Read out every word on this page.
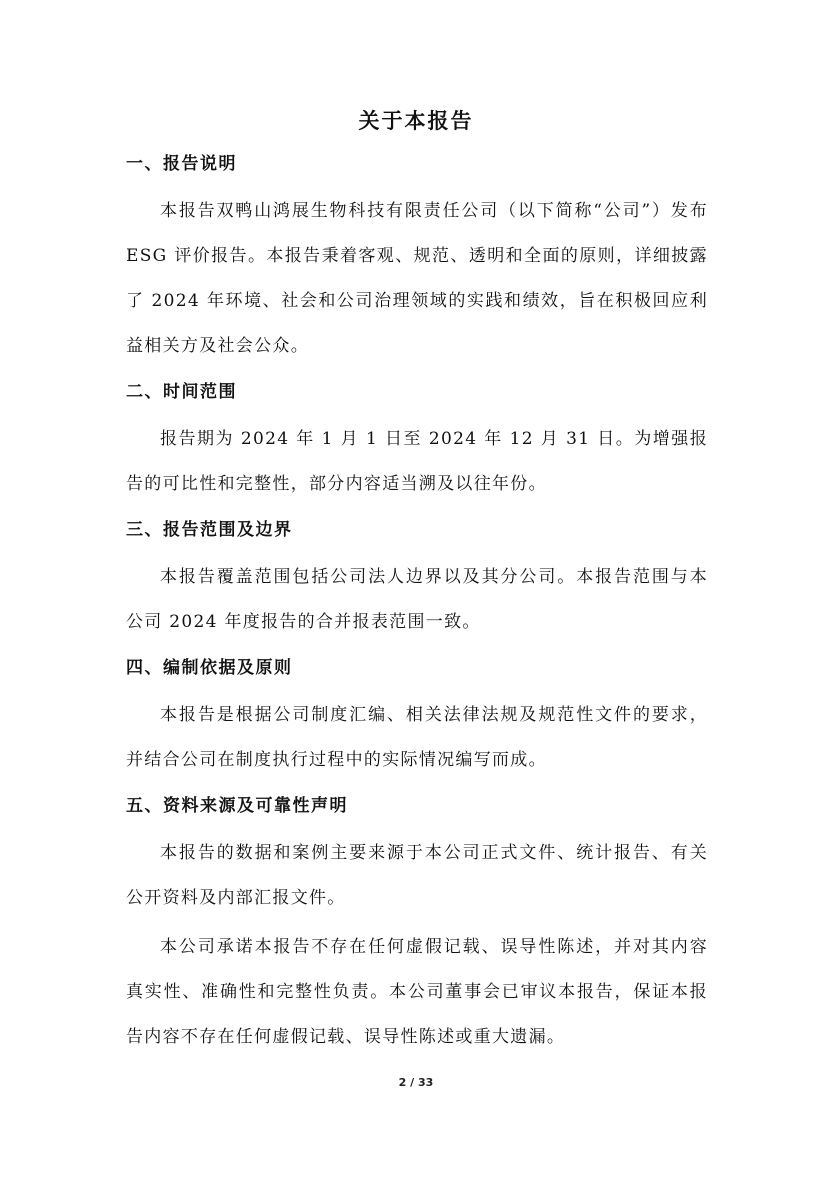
关于本报告
一、报告说明

本报告双鸭山鸿展生物科技有限责任公司（以下简称“公司”）发布 ESG 评价报告。本报告秉着客观、规范、透明和全面的原则，详细披露了 2024 年环境、社会和公司治理领域的实践和绩效，旨在积极回应利益相关方及社会公众。

二、时间范围

报告期为 2024 年 1 月 1 日至 2024 年 12 月 31 日。为增强报告的可比性和完整性，部分内容适当溯及以往年份。

三、报告范围及边界

本报告覆盖范围包括公司法人边界以及其分公司。本报告范围与本公司 2024 年度报告的合并报表范围一致。

四、编制依据及原则

本报告是根据公司制度汇编、相关法律法规及规范性文件的要求，并结合公司在制度执行过程中的实际情况编写而成。

五、资料来源及可靠性声明

本报告的数据和案例主要来源于本公司正式文件、统计报告、有关公开资料及内部汇报文件。

本公司承诺本报告不存在任何虚假记载、误导性陈述，并对其内容真实性、准确性和完整性负责。本公司董事会已审议本报告，保证本报告内容不存在任何虚假记载、误导性陈述或重大遗漏。

2 / 33
